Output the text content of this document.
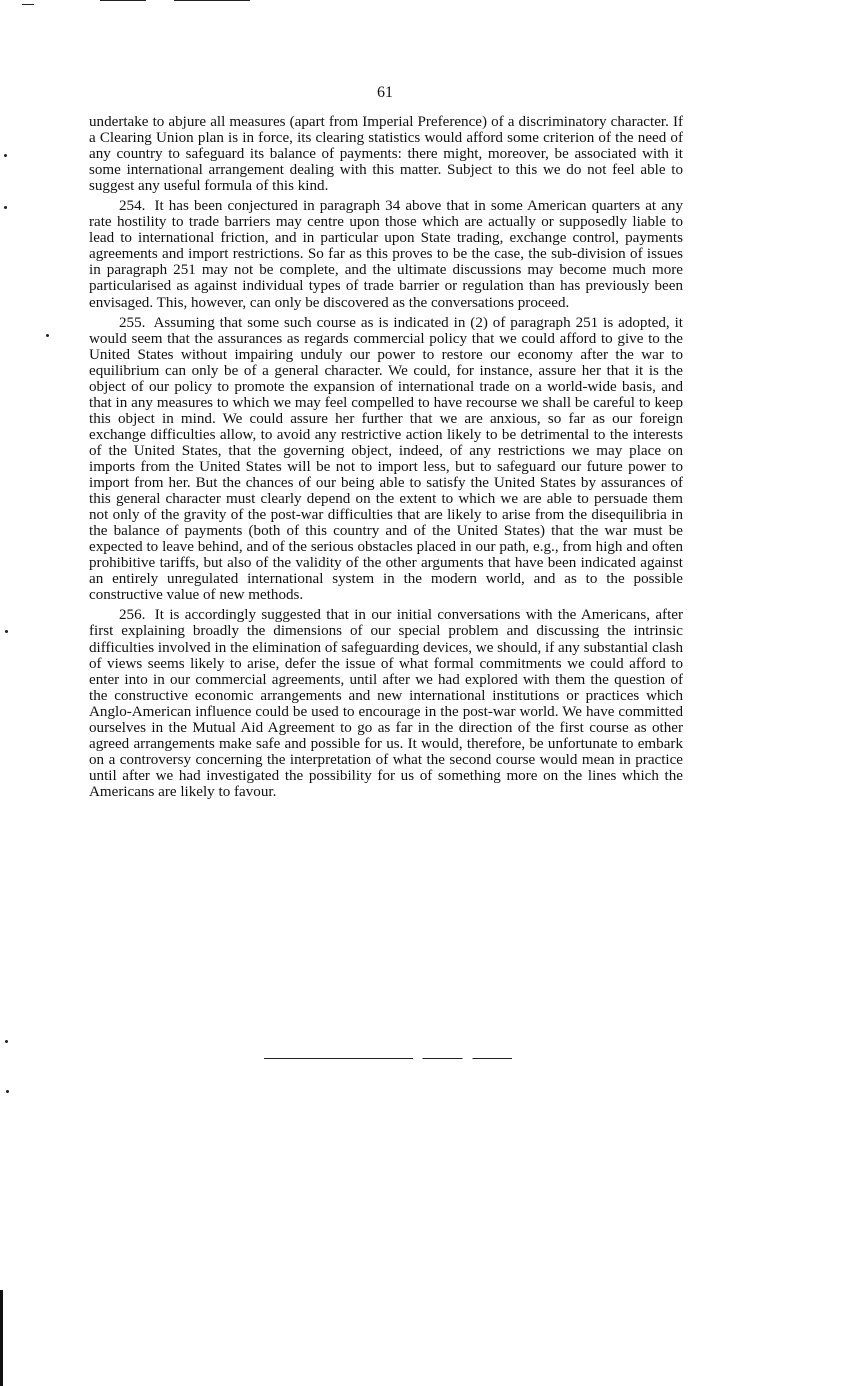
61

undertake to abjure all measures (apart from Imperial Preference) of a discriminatory character. If a Clearing Union plan is in force, its clearing statistics would afford some criterion of the need of any country to safeguard its balance of payments: there might, moreover, be associated with it some international arrangement dealing with this matter. Subject to this we do not feel able to suggest any useful formula of this kind.

254. It has been conjectured in paragraph 34 above that in some American quarters at any rate hostility to trade barriers may centre upon those which are actually or supposedly liable to lead to international friction, and in particular upon State trading, exchange control, payments agreements and import restrictions. So far as this proves to be the case, the sub-division of issues in paragraph 251 may not be complete, and the ultimate discussions may become much more particularised as against individual types of trade barrier or regulation than has previously been envisaged. This, however, can only be discovered as the conversations proceed.

255. Assuming that some such course as is indicated in (2) of paragraph 251 is adopted, it would seem that the assurances as regards commercial policy that we could afford to give to the United States without impairing unduly our power to restore our economy after the war to equilibrium can only be of a general character. We could, for instance, assure her that it is the object of our policy to promote the expansion of international trade on a world-wide basis, and that in any measures to which we may feel compelled to have recourse we shall be careful to keep this object in mind. We could assure her further that we are anxious, so far as our foreign exchange difficulties allow, to avoid any restrictive action likely to be detrimental to the interests of the United States, that the governing object, indeed, of any restrictions we may place on imports from the United States will be not to import less, but to safeguard our future power to import from her. But the chances of our being able to satisfy the United States by assurances of this general character must clearly depend on the extent to which we are able to persuade them not only of the gravity of the post-war difficulties that are likely to arise from the disequilibria in the balance of payments (both of this country and of the United States) that the war must be expected to leave behind, and of the serious obstacles placed in our path, e.g., from high and often prohibitive tariffs, but also of the validity of the other arguments that have been indicated against an entirely unregulated international system in the modern world, and as to the possible constructive value of new methods.

256. It is accordingly suggested that in our initial conversations with the Americans, after first explaining broadly the dimensions of our special problem and discussing the intrinsic difficulties involved in the elimination of safeguarding devices, we should, if any substantial clash of views seems likely to arise, defer the issue of what formal commitments we could afford to enter into in our commercial agreements, until after we had explored with them the question of the constructive economic arrangements and new international institutions or practices which Anglo-American influence could be used to encourage in the post-war world. We have committed ourselves in the Mutual Aid Agreement to go as far in the direction of the first course as other agreed arrangements make safe and possible for us. It would, therefore, be unfortunate to embark on a controversy concerning the interpretation of what the second course would mean in practice until after we had investigated the possibility for us of something more on the lines which the Americans are likely to favour.
